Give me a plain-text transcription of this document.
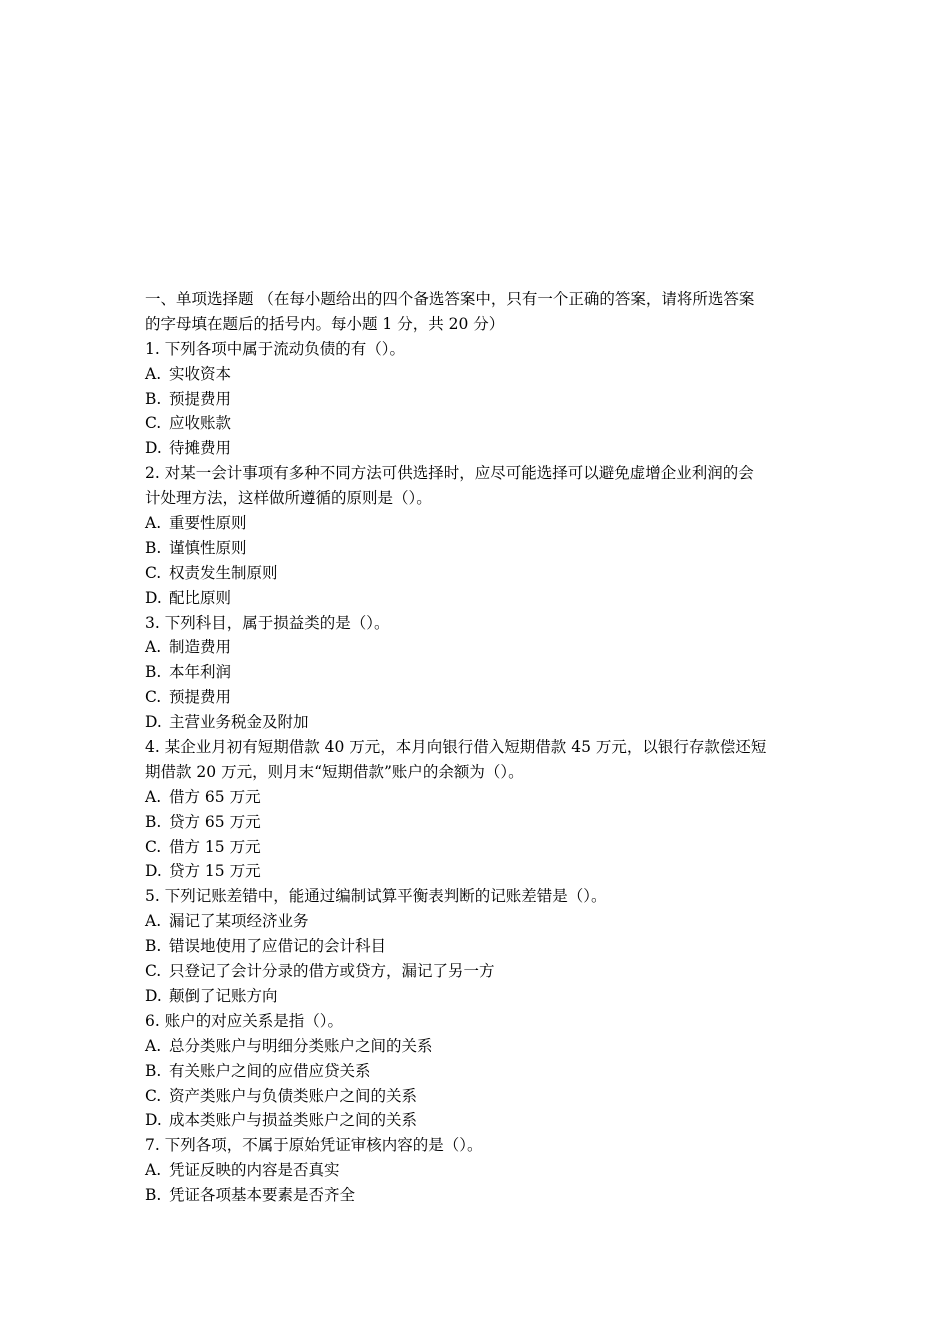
一、单项选择题 （在每小题给出的四个备选答案中，只有一个正确的答案，请将所选答案

的字母填在题后的括号内。每小题 1 分，共 20 分）

1. 下列各项中属于流动负债的有（）。

A. 实收资本

B. 预提费用

C. 应收账款

D. 待摊费用

2. 对某一会计事项有多种不同方法可供选择时，应尽可能选择可以避免虚增企业利润的会

计处理方法，这样做所遵循的原则是（）。

A. 重要性原则

B. 谨慎性原则

C. 权责发生制原则

D. 配比原则

3. 下列科目，属于损益类的是（）。

A. 制造费用

B. 本年利润

C. 预提费用

D. 主营业务税金及附加

4. 某企业月初有短期借款 40 万元，本月向银行借入短期借款 45 万元，以银行存款偿还短

期借款 20 万元，则月末“短期借款”账户的余额为（）。

A. 借方 65 万元

B. 贷方 65 万元

C. 借方 15 万元

D. 贷方 15 万元

5. 下列记账差错中，能通过编制试算平衡表判断的记账差错是（）。

A. 漏记了某项经济业务

B. 错误地使用了应借记的会计科目

C. 只登记了会计分录的借方或贷方，漏记了另一方

D. 颠倒了记账方向

6. 账户的对应关系是指（）。

A. 总分类账户与明细分类账户之间的关系

B. 有关账户之间的应借应贷关系

C. 资产类账户与负债类账户之间的关系

D. 成本类账户与损益类账户之间的关系

7. 下列各项，不属于原始凭证审核内容的是（）。

A. 凭证反映的内容是否真实

B. 凭证各项基本要素是否齐全
